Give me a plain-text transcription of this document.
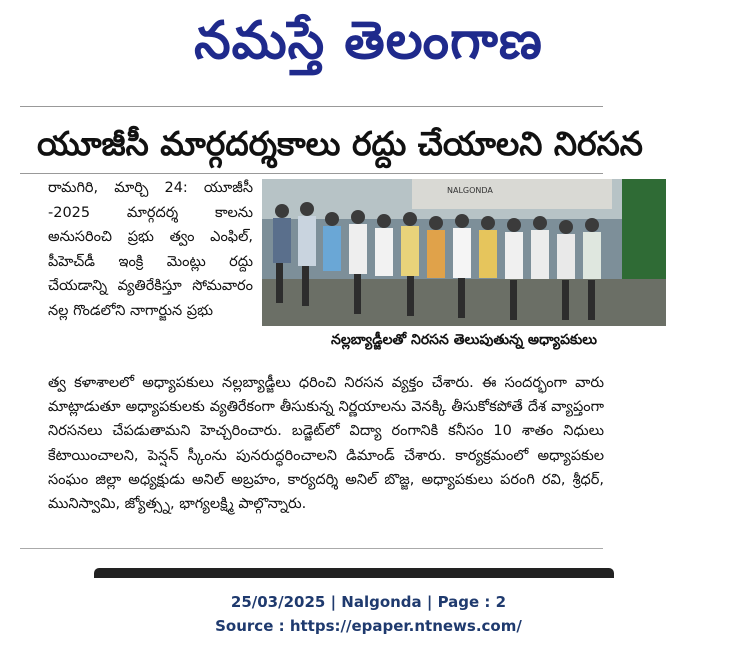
నమస్తే తెలంగాణ
యూజీసీ మార్గదర్శకాలు రద్దు చేయాలని నిరసన

రామగిరి, మార్చి 24: యూజీసీ -2025 మార్గదర్శ కాలను అనుసరించి ప్రభు త్వం ఎంఫిల్, పీహెచ్‌డీ ఇంక్రి మెంట్లు రద్దు చేయడాన్ని వ్యతిరేకిస్తూ సోమవారం నల్ల గొండలోని నాగార్జున ప్రభు

NALGONDA
నల్లబ్యాడ్జీలతో నిరసన తెలుపుతున్న అధ్యాపకులు

త్వ కళాశాలలో అధ్యాపకులు నల్లబ్యాడ్జీలు ధరించి నిరసన వ్యక్తం చేశారు. ఈ సందర్భంగా వారు మాట్లాడుతూ అధ్యాపకులకు వ్యతిరేకంగా తీసుకున్న నిర్ణయాలను వెనక్కి తీసుకోకపోతే దేశ వ్యాప్తంగా నిరసనలు చేపడుతామని హెచ్చరించారు. బడ్జెట్‌లో విద్యా రంగానికి కనీసం 10 శాతం నిధులు కేటాయించాలని, పెన్షన్ స్కీంను పునరుద్ధరించాలని డిమాండ్ చేశారు. కార్యక్రమంలో అధ్యాపకుల సంఘం జిల్లా అధ్యక్షుడు అనిల్ అబ్రహం, కార్యదర్శి అనిల్ బొజ్జ, అధ్యాపకులు పరంగి రవి, శ్రీధర్, మునిస్వామి, జ్యోత్స్న, భాగ్యలక్ష్మి పాల్గొన్నారు.

25/03/2025 | Nalgonda | Page : 2
Source : https://epaper.ntnews.com/
